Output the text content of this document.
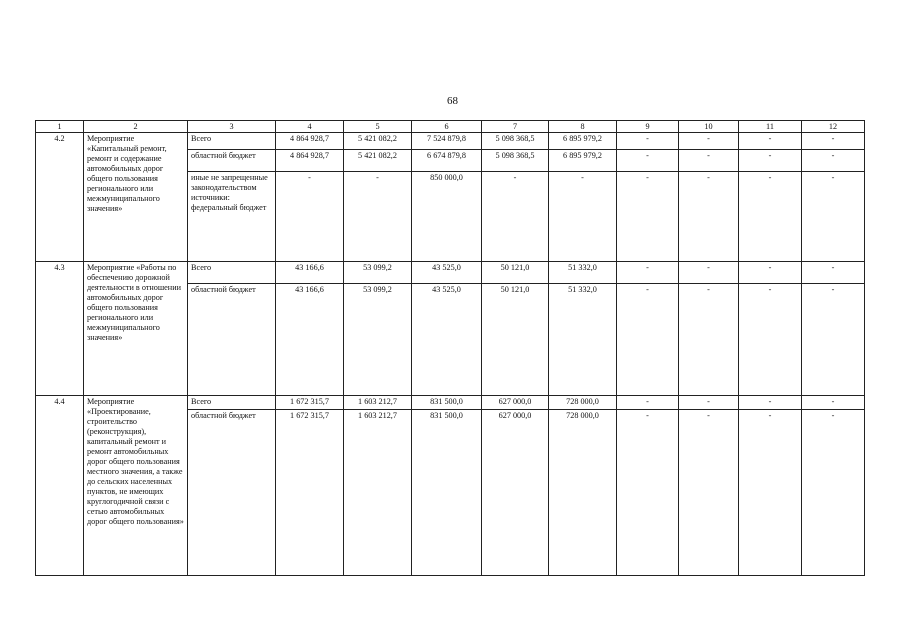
68
1	2	3	4	5	6	7	8	9	10	11	12
4.2	Мероприятие «Капитальный ремонт, ремонт и содержание автомобильных дорог общего пользования регионального или межмуниципального значения»	Всего	4 864 928,7	5 421 082,2	7 524 879,8	5 098 368,5	6 895 979,2	-	-	-	-
		областной бюджет	4 864 928,7	5 421 082,2	6 674 879,8	5 098 368,5	6 895 979,2	-	-	-	-

		иные не запрещенные законодательством источники:
федеральный бюджет	-	-	850 000,0	-	-	-	-	-	-
4.3	Мероприятие «Работы по обеспечению дорожной деятельности в отношении автомобильных дорог общего пользования регионального или межмуниципального значения»	Всего	43 166,6	53 099,2	43 525,0	50 121,0	51 332,0	-	-	-	-
		областной бюджет	43 166,6	53 099,2	43 525,0	50 121,0	51 332,0	-	-	-	-
4.4	Мероприятие «Проектирование, строительство (реконструкция), капитальный ремонт и ремонт автомобильных дорог общего пользования местного значения, а также до сельских населенных пунктов, не имеющих круглогодичной связи с сетью автомобильных дорог общего пользования»	Всего	1 672 315,7	1 603 212,7	831 500,0	627 000,0	728 000,0	-	-	-	-
		областной бюджет	1 672 315,7	1 603 212,7	831 500,0	627 000,0	728 000,0	-	-	-	-
